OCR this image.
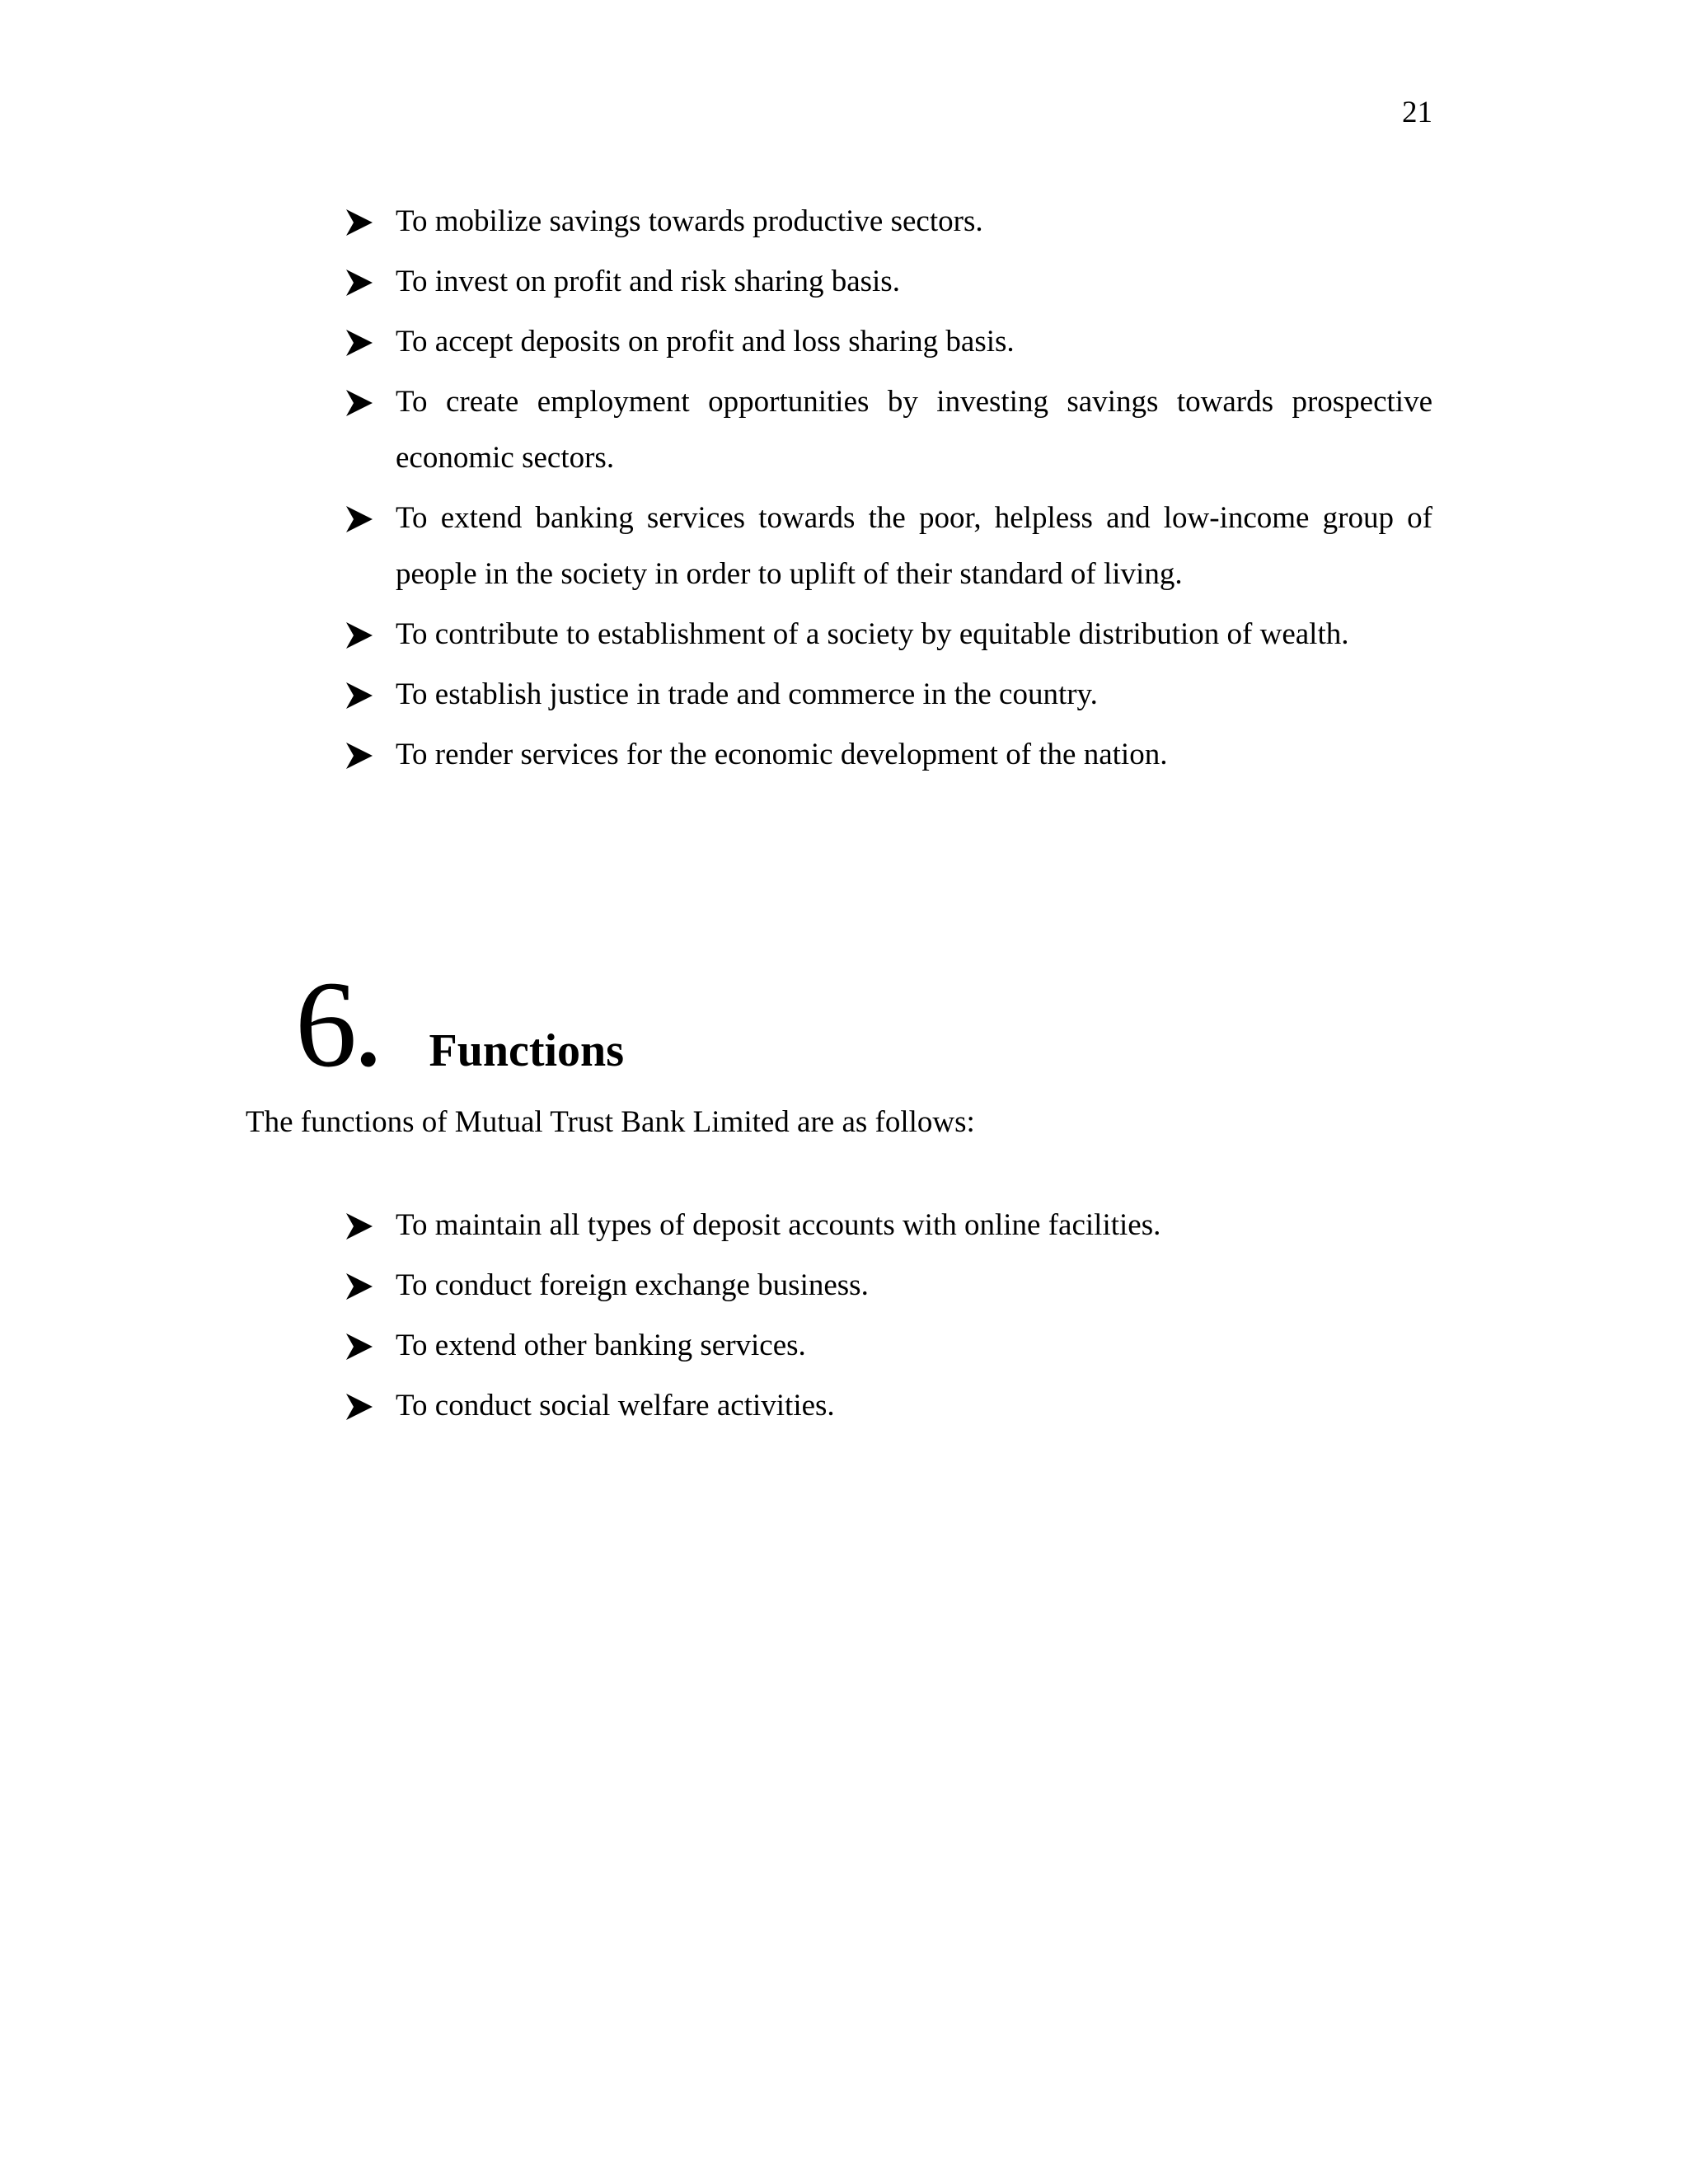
21
To mobilize savings towards productive sectors.
To invest on profit and risk sharing basis.
To accept deposits on profit and loss sharing basis.
To create employment opportunities by investing savings towards prospective economic sectors.
To extend banking services towards the poor, helpless and low-income group of people in the society in order to uplift of their standard of living.
To contribute to establishment of a society by equitable distribution of wealth.
To establish justice in trade and commerce in the country.
To render services for the economic development of the nation.
6 . Functions

The functions of Mutual Trust Bank Limited are as follows:

To maintain all types of deposit accounts with online facilities.
To conduct foreign exchange business.
To extend other banking services.
To conduct social welfare activities.
